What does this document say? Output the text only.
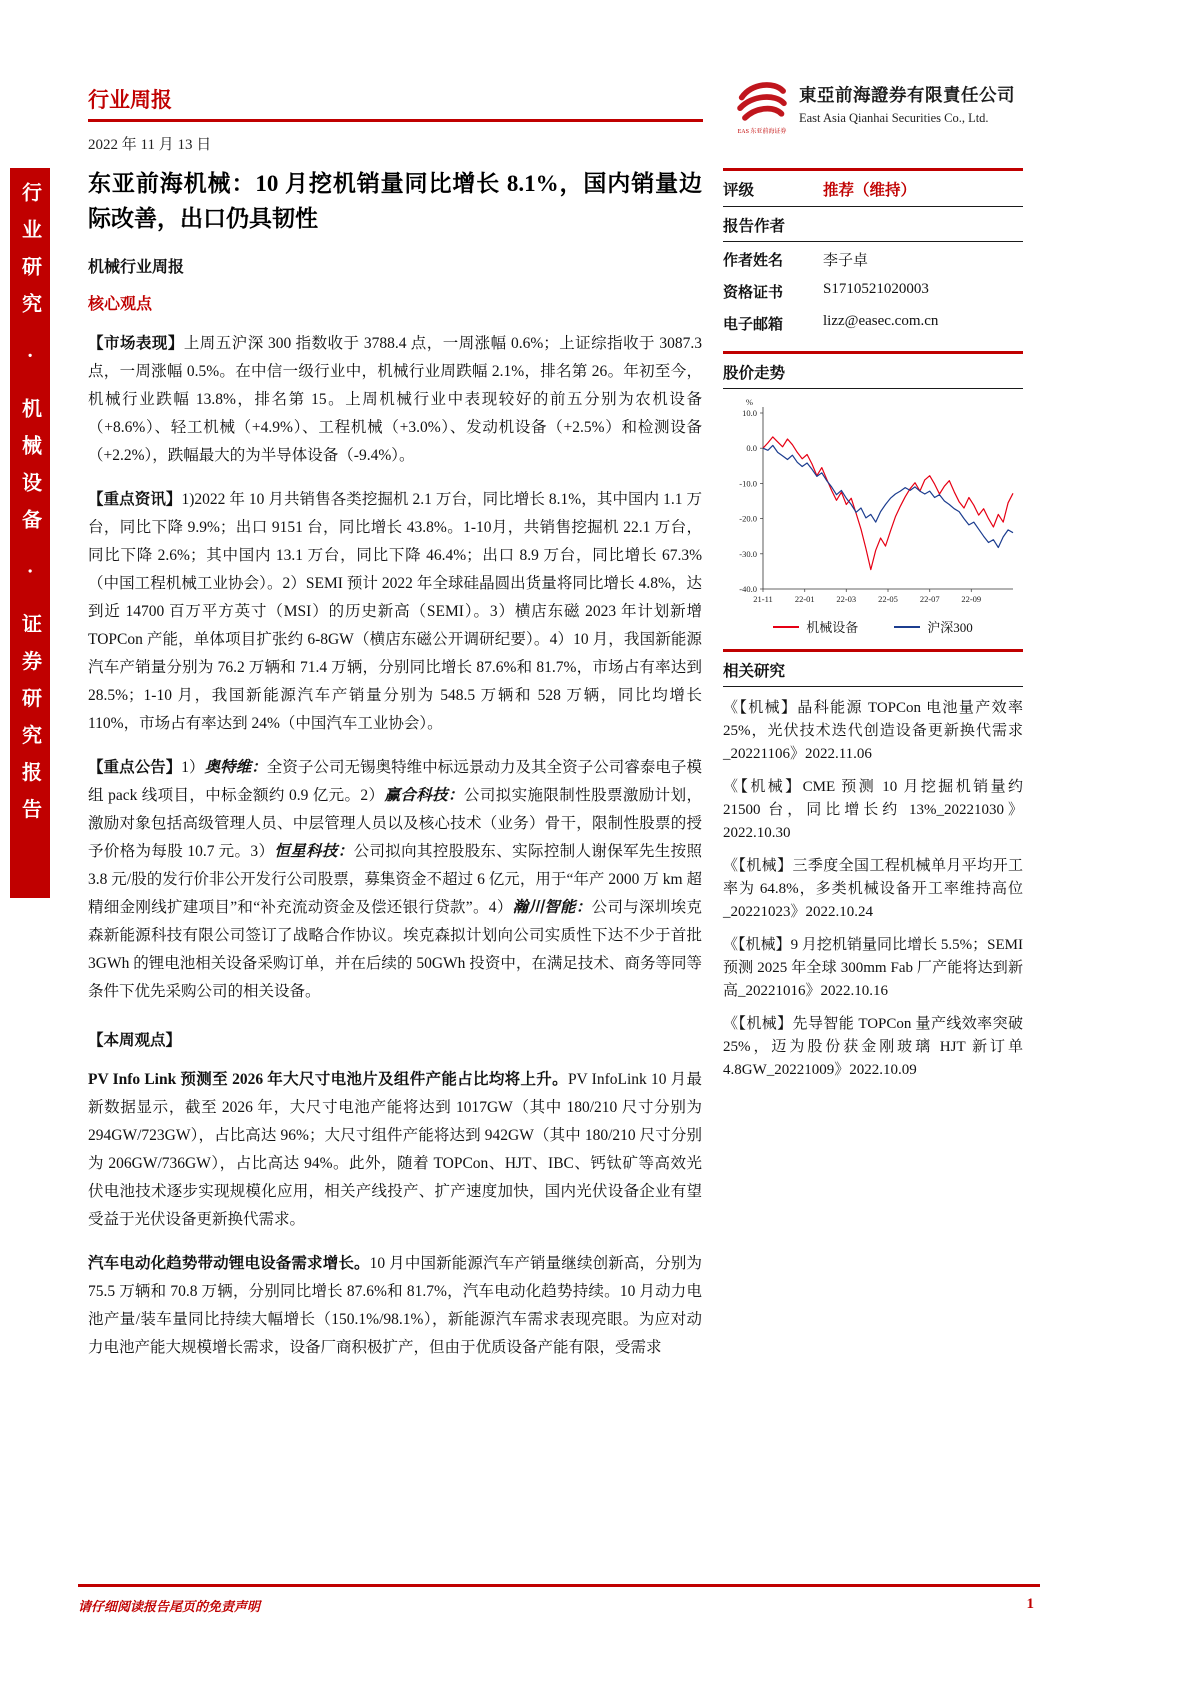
行业研究 · 机械设备 · 证券研究报告
行业周报
2022 年 11 月 13 日
EAS 东亚前海证券
東亞前海證券有限責任公司
East Asia Qianhai Securities Co., Ltd.
东亚前海机械：10 月挖机销量同比增长 8.1%，国内销量边际改善，出口仍具韧性
机械行业周报
核心观点

【市场表现】上周五沪深 300 指数收于 3788.4 点，一周涨幅 0.6%；上证综指收于 3087.3 点，一周涨幅 0.5%。在中信一级行业中，机械行业周跌幅 2.1%，排名第 26。年初至今，机械行业跌幅 13.8%，排名第 15。上周机械行业中表现较好的前五分别为农机设备（+8.6%）、轻工机械（+4.9%）、工程机械（+3.0%）、发动机设备（+2.5%）和检测设备（+2.2%），跌幅最大的为半导体设备（-9.4%）。

【重点资讯】1)2022 年 10 月共销售各类挖掘机 2.1 万台，同比增长 8.1%，其中国内 1.1 万台，同比下降 9.9%；出口 9151 台，同比增长 43.8%。1-10月，共销售挖掘机 22.1 万台，同比下降 2.6%；其中国内 13.1 万台，同比下降 46.4%；出口 8.9 万台，同比增长 67.3%（中国工程机械工业协会）。2）SEMI 预计 2022 年全球硅晶圆出货量将同比增长 4.8%，达到近 14700 百万平方英寸（MSI）的历史新高（SEMI）。3）横店东磁 2023 年计划新增 TOPCon 产能，单体项目扩张约 6-8GW（横店东磁公开调研纪要）。4）10 月，我国新能源汽车产销量分别为 76.2 万辆和 71.4 万辆，分别同比增长 87.6%和 81.7%，市场占有率达到 28.5%；1-10 月，我国新能源汽车产销量分别为 548.5 万辆和 528 万辆，同比均增长 110%，市场占有率达到 24%（中国汽车工业协会）。

【重点公告】1）奥特维：全资子公司无锡奥特维中标远景动力及其全资子公司睿泰电子模组 pack 线项目，中标金额约 0.9 亿元。2）赢合科技：公司拟实施限制性股票激励计划，激励对象包括高级管理人员、中层管理人员以及核心技术（业务）骨干，限制性股票的授予价格为每股 10.7 元。3）恒星科技：公司拟向其控股股东、实际控制人谢保军先生按照 3.8 元/股的发行价非公开发行公司股票，募集资金不超过 6 亿元，用于“年产 2000 万 km 超精细金刚线扩建项目”和“补充流动资金及偿还银行贷款”。4）瀚川智能：公司与深圳埃克森新能源科技有限公司签订了战略合作协议。埃克森拟计划向公司实质性下达不少于首批 3GWh 的锂电池相关设备采购订单，并在后续的 50GWh 投资中，在满足技术、商务等同等条件下优先采购公司的相关设备。

【本周观点】

PV Info Link 预测至 2026 年大尺寸电池片及组件产能占比均将上升。PV InfoLink 10 月最新数据显示，截至 2026 年，大尺寸电池产能将达到 1017GW（其中 180/210 尺寸分别为 294GW/723GW），占比高达 96%；大尺寸组件产能将达到 942GW（其中 180/210 尺寸分别为 206GW/736GW），占比高达 94%。此外，随着 TOPCon、HJT、IBC、钙钛矿等高效光伏电池技术逐步实现规模化应用，相关产线投产、扩产速度加快，国内光伏设备企业有望受益于光伏设备更新换代需求。

汽车电动化趋势带动锂电设备需求增长。10 月中国新能源汽车产销量继续创新高，分别为 75.5 万辆和 70.8 万辆，分别同比增长 87.6%和 81.7%，汽车电动化趋势持续。10 月动力电池产量/装车量同比持续大幅增长（150.1%/98.1%），新能源汽车需求表现亮眼。为应对动力电池产能大规模增长需求，设备厂商积极扩产，但由于优质设备产能有限，受需求

评级	推荐（维持）
报告作者
作者姓名	李子卓
资格证书	S1710521020003
电子邮箱	lizz@easec.com.cn
股价走势
%
10.0
0.0
-10.0
-20.0
-30.0
-40.0
21-11	22-01	22-03	22-05	22-07	22-09
机械设备	沪深300
相关研究
《【机械】晶科能源 TOPCon 电池量产效率 25%，光伏技术迭代创造设备更新换代需求_20221106》2022.11.06
《【机械】CME 预测 10 月挖掘机销量约 21500 台，同比增长约 13%_20221030》2022.10.30
《【机械】三季度全国工程机械单月平均开工率为 64.8%，多类机械设备开工率维持高位_20221023》2022.10.24
《【机械】9 月挖机销量同比增长 5.5%；SEMI 预测 2025 年全球 300mm Fab 厂产能将达到新高_20221016》2022.10.16
《【机械】先导智能 TOPCon 量产线效率突破 25%，迈为股份获金刚玻璃 HJT 新订单 4.8GW_20221009》2022.10.09
请仔细阅读报告尾页的免责声明	1
